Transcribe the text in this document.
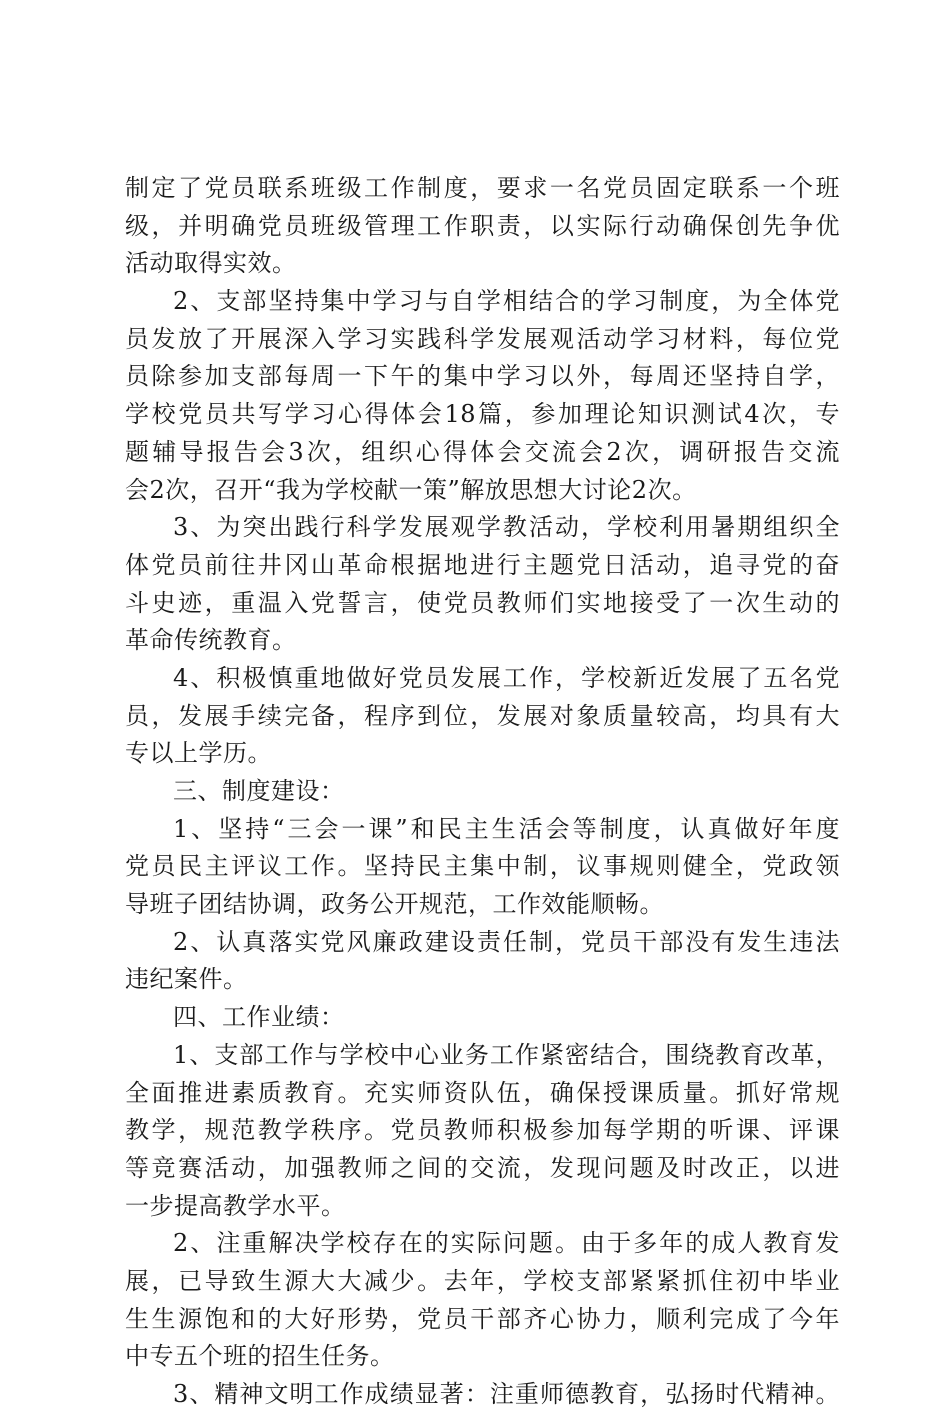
制定了党员联系班级工作制度，要求一名党员固定联系一个班
级，并明确党员班级管理工作职责，以实际行动确保创先争优
活动取得实效。
2、支部坚持集中学习与自学相结合的学习制度，为全体党
员发放了开展深入学习实践科学发展观活动学习材料，每位党
员除参加支部每周一下午的集中学习以外，每周还坚持自学，
学校党员共写学习心得体会18篇，参加理论知识测试4次，专
题辅导报告会3次，组织心得体会交流会2次，调研报告交流
会2次，召开“我为学校献一策”解放思想大讨论2次。
3、为突出践行科学发展观学教活动，学校利用暑期组织全
体党员前往井冈山革命根据地进行主题党日活动，追寻党的奋
斗史迹，重温入党誓言，使党员教师们实地接受了一次生动的
革命传统教育。
4、积极慎重地做好党员发展工作，学校新近发展了五名党
员，发展手续完备，程序到位，发展对象质量较高，均具有大
专以上学历。
三、制度建设：
1、坚持“三会一课”和民主生活会等制度，认真做好年度
党员民主评议工作。坚持民主集中制，议事规则健全，党政领
导班子团结协调，政务公开规范，工作效能顺畅。
2、认真落实党风廉政建设责任制，党员干部没有发生违法
违纪案件。
四、工作业绩：
1、支部工作与学校中心业务工作紧密结合，围绕教育改革，
全面推进素质教育。充实师资队伍，确保授课质量。抓好常规
教学，规范教学秩序。党员教师积极参加每学期的听课、评课
等竞赛活动，加强教师之间的交流，发现问题及时改正，以进
一步提高教学水平。
2、注重解决学校存在的实际问题。由于多年的成人教育发
展，已导致生源大大减少。去年，学校支部紧紧抓住初中毕业
生生源饱和的大好形势，党员干部齐心协力，顺利完成了今年
中专五个班的招生任务。
3、精神文明工作成绩显著：注重师德教育，弘扬时代精神。
